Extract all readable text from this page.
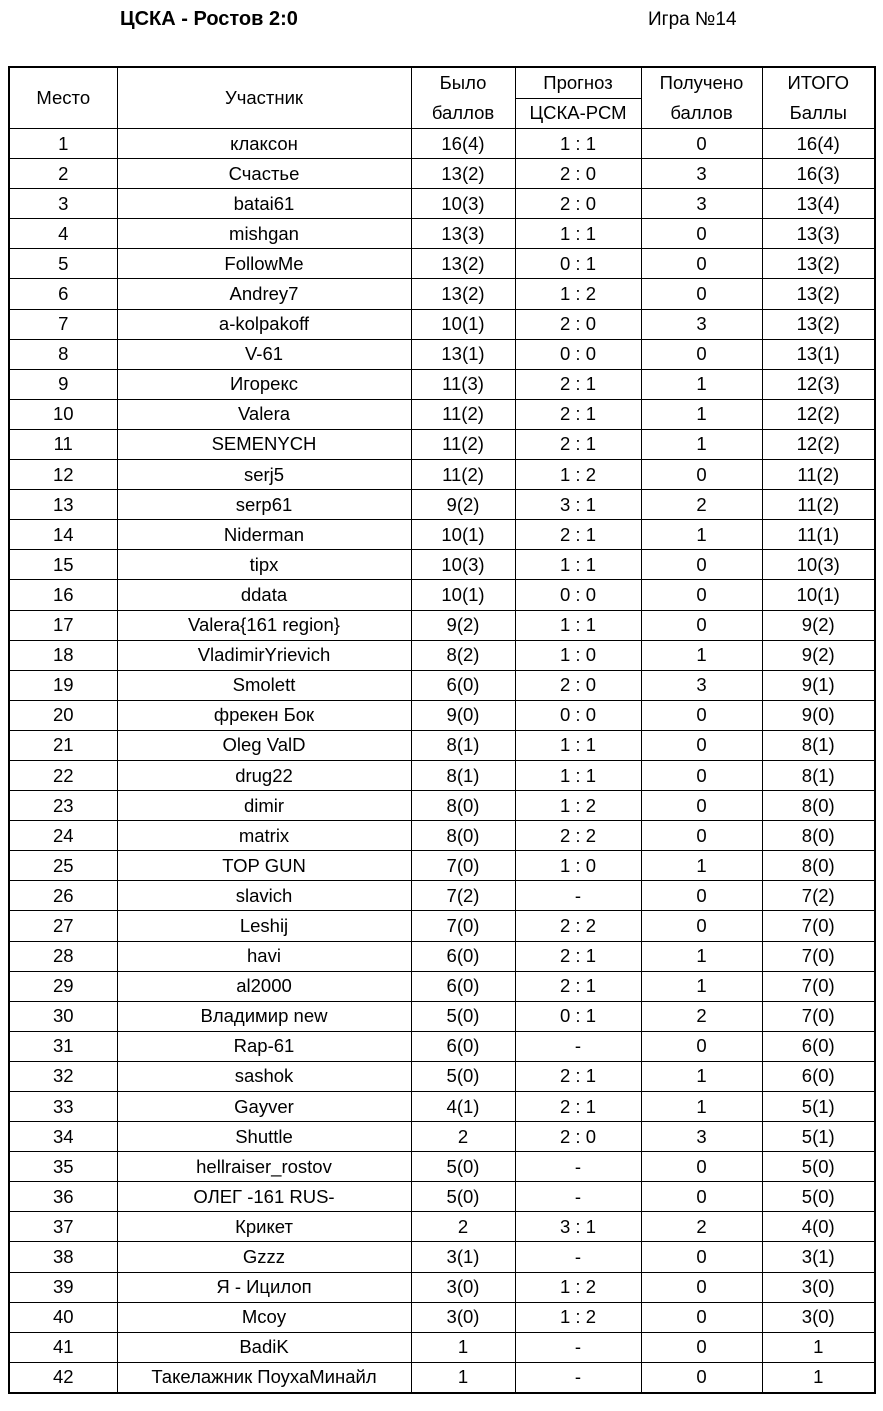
ЦСКА - Ростов 2:0	Игра №14
Место	Участник	Было	Прогноз	Получено	ИТОГО
		баллов	ЦСКА-РСМ	баллов	Баллы
1	клаксон	16(4)	1 : 1	0	16(4)
2	Счастье	13(2)	2 : 0	3	16(3)
3	batai61	10(3)	2 : 0	3	13(4)
4	mishgan	13(3)	1 : 1	0	13(3)
5	FollowMe	13(2)	0 : 1	0	13(2)
6	Andrey7	13(2)	1 : 2	0	13(2)
7	a-kolpakoff	10(1)	2 : 0	3	13(2)
8	V-61	13(1)	0 : 0	0	13(1)
9	Игорекс	11(3)	2 : 1	1	12(3)
10	Valera	11(2)	2 : 1	1	12(2)
11	SEMENYCH	11(2)	2 : 1	1	12(2)
12	serj5	11(2)	1 : 2	0	11(2)
13	serp61	9(2)	3 : 1	2	11(2)
14	Niderman	10(1)	2 : 1	1	11(1)
15	tipx	10(3)	1 : 1	0	10(3)
16	ddata	10(1)	0 : 0	0	10(1)
17	Valera{161 region}	9(2)	1 : 1	0	9(2)
18	VladimirYrievich	8(2)	1 : 0	1	9(2)
19	Smolett	6(0)	2 : 0	3	9(1)
20	фрекен Бок	9(0)	0 : 0	0	9(0)
21	Oleg ValD	8(1)	1 : 1	0	8(1)
22	drug22	8(1)	1 : 1	0	8(1)
23	dimir	8(0)	1 : 2	0	8(0)
24	matrix	8(0)	2 : 2	0	8(0)
25	TOP GUN	7(0)	1 : 0	1	8(0)
26	slavich	7(2)	-	0	7(2)
27	Leshij	7(0)	2 : 2	0	7(0)
28	havi	6(0)	2 : 1	1	7(0)
29	al2000	6(0)	2 : 1	1	7(0)
30	Владимир new	5(0)	0 : 1	2	7(0)
31	Rap-61	6(0)	-	0	6(0)
32	sashok	5(0)	2 : 1	1	6(0)
33	Gayver	4(1)	2 : 1	1	5(1)
34	Shuttle	2	2 : 0	3	5(1)
35	hellraiser_rostov	5(0)	-	0	5(0)
36	ОЛЕГ -161 RUS-	5(0)	-	0	5(0)
37	Крикет	2	3 : 1	2	4(0)
38	Gzzz	3(1)	-	0	3(1)
39	Я - Ицилоп	3(0)	1 : 2	0	3(0)
40	Mcoy	3(0)	1 : 2	0	3(0)
41	BadiK	1	-	0	1
42	Такелажник ПоухаМинайл	1	-	0	1
